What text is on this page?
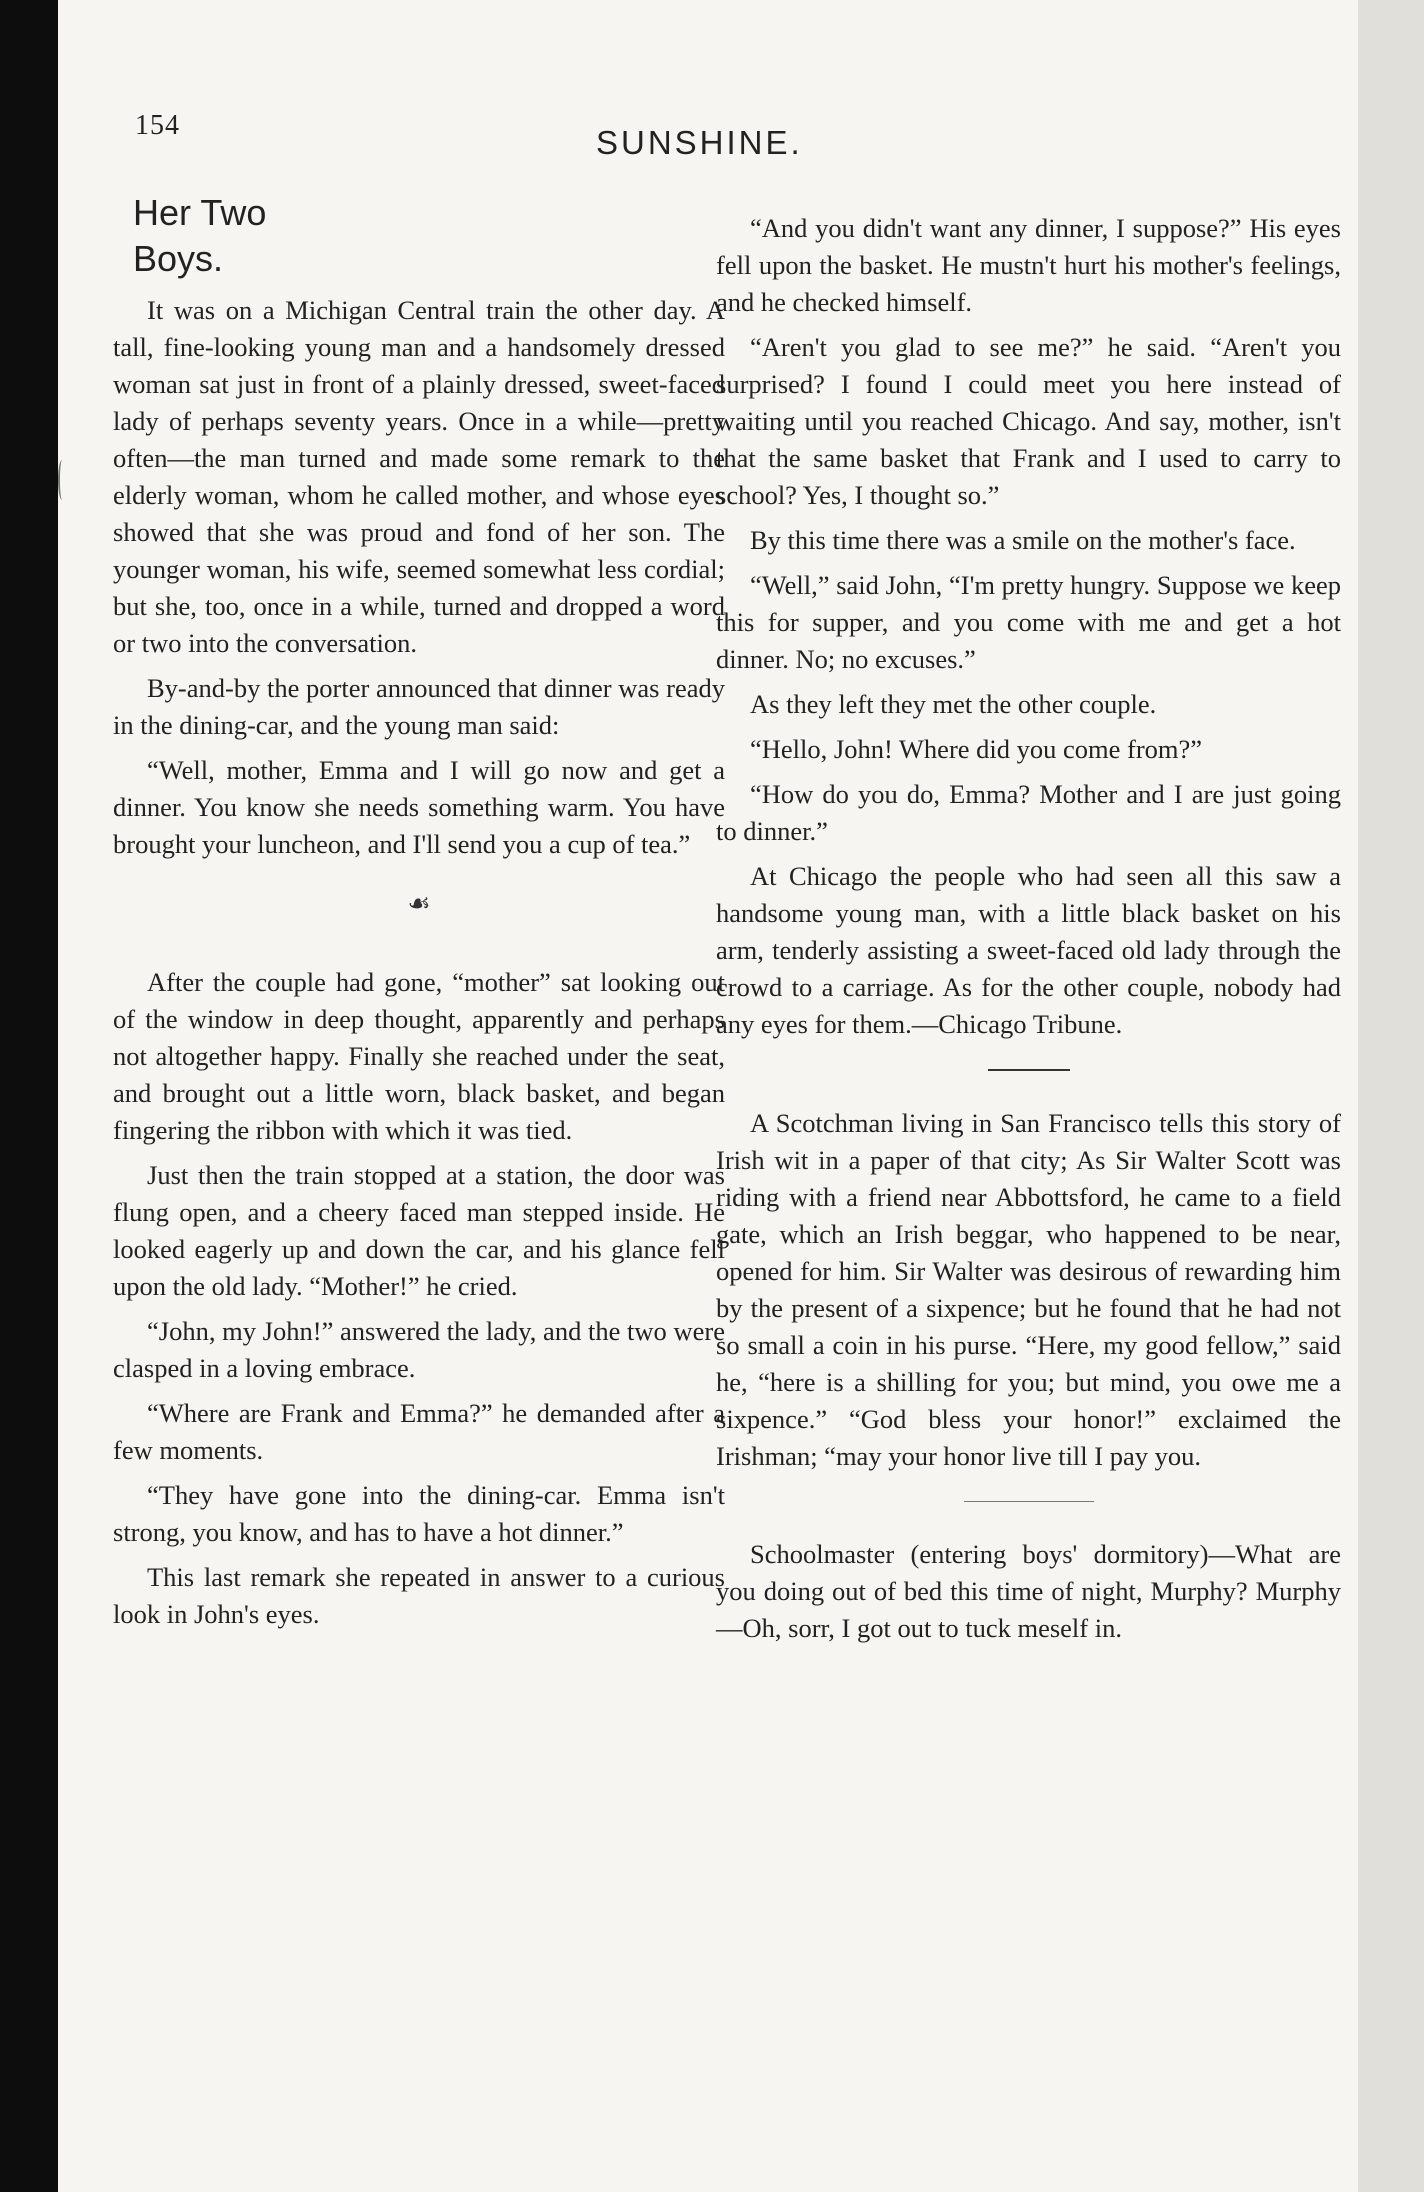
154	SUNSHINE.
Her Two
Boys.

It was on a Michigan Central train the other day. A tall, fine-looking young man and a handsomely dressed woman sat just in front of a plainly dressed, sweet-faced lady of perhaps seventy years. Once in a while—pretty often—the man turned and made some remark to the elderly woman, whom he called mother, and whose eyes showed that she was proud and fond of her son. The younger woman, his wife, seemed somewhat less cordial; but she, too, once in a while, turned and dropped a word or two into the conversation.

By-and-by the porter announced that dinner was ready in the dining-car, and the young man said:

“Well, mother, Emma and I will go now and get a dinner. You know she needs something warm. You have brought your luncheon, and I'll send you a cup of tea.”

☙

After the couple had gone, “mother” sat looking out of the window in deep thought, apparently and perhaps not altogether happy. Finally she reached under the seat, and brought out a little worn, black basket, and began fingering the ribbon with which it was tied.

Just then the train stopped at a station, the door was flung open, and a cheery faced man stepped inside. He looked eagerly up and down the car, and his glance fell upon the old lady. “Mother!” he cried.

“John, my John!” answered the lady, and the two were clasped in a loving embrace.

“Where are Frank and Emma?” he demanded after a few moments.

“They have gone into the dining-car. Emma isn't strong, you know, and has to have a hot dinner.”

This last remark she repeated in answer to a curious look in John's eyes.

“And you didn't want any dinner, I suppose?” His eyes fell upon the basket. He mustn't hurt his mother's feelings, and he checked himself.

“Aren't you glad to see me?” he said. “Aren't you surprised? I found I could meet you here instead of waiting until you reached Chicago. And say, mother, isn't that the same basket that Frank and I used to carry to school? Yes, I thought so.”

By this time there was a smile on the mother's face.

“Well,” said John, “I'm pretty hungry. Suppose we keep this for supper, and you come with me and get a hot dinner. No; no excuses.”

As they left they met the other couple.

“Hello, John! Where did you come from?”

“How do you do, Emma? Mother and I are just going to dinner.”

At Chicago the people who had seen all this saw a handsome young man, with a little black basket on his arm, tenderly assisting a sweet-faced old lady through the crowd to a carriage. As for the other couple, nobody had any eyes for them.—Chicago Tribune.

A Scotchman living in San Francisco tells this story of Irish wit in a paper of that city; As Sir Walter Scott was riding with a friend near Abbottsford, he came to a field gate, which an Irish beggar, who happened to be near, opened for him. Sir Walter was desirous of rewarding him by the present of a sixpence; but he found that he had not so small a coin in his purse. “Here, my good fellow,” said he, “here is a shilling for you; but mind, you owe me a sixpence.” “God bless your honor!” exclaimed the Irishman; “may your honor live till I pay you.

Schoolmaster (entering boys' dormitory)—What are you doing out of bed this time of night, Murphy? Murphy—Oh, sorr, I got out to tuck meself in.
